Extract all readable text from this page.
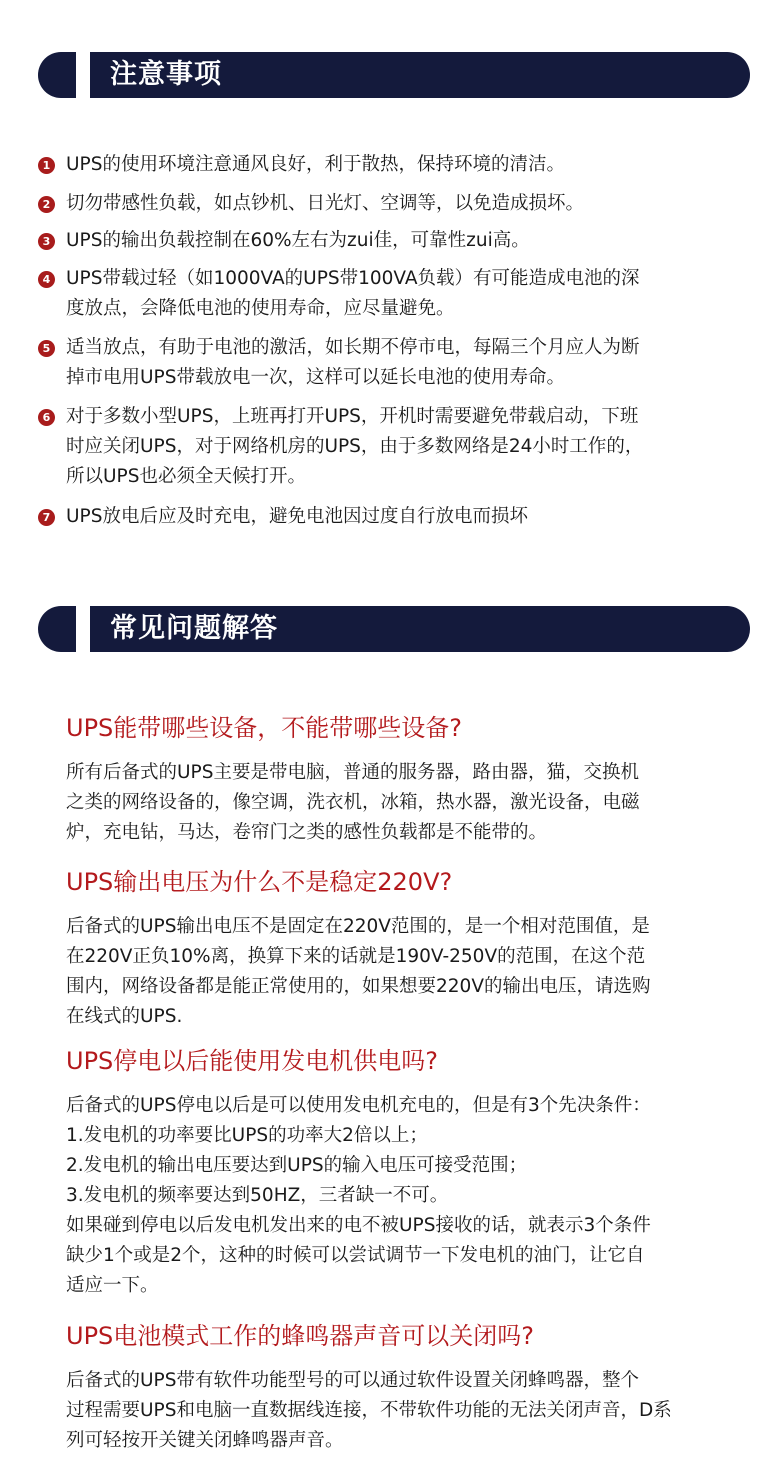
注意事项
1 UPS的使用环境注意通风良好，利于散热，保持环境的清洁。
2 切勿带感性负载，如点钞机、日光灯、空调等，以免造成损坏。
3 UPS的输出负载控制在60%左右为zui佳，可靠性zui高。
4 UPS带载过轻（如1000VA的UPS带100VA负载）有可能造成电池的深
度放点，会降低电池的使用寿命，应尽量避免。
5 适当放点，有助于电池的激活，如长期不停市电，每隔三个月应人为断
掉市电用UPS带载放电一次，这样可以延长电池的使用寿命。
6 对于多数小型UPS，上班再打开UPS，开机时需要避免带载启动，下班
时应关闭UPS，对于网络机房的UPS，由于多数网络是24小时工作的，
所以UPS也必须全天候打开。
7 UPS放电后应及时充电，避免电池因过度自行放电而损坏
常见问题解答
UPS能带哪些设备，不能带哪些设备?

所有后备式的UPS主要是带电脑，普通的服务器，路由器，猫，交换机

之类的网络设备的，像空调，洗衣机，冰箱，热水器，激光设备，电磁

炉，充电钻，马达，卷帘门之类的感性负载都是不能带的。

UPS输出电压为什么不是稳定220V?

后备式的UPS输出电压不是固定在220V范围的，是一个相对范围值，是

在220V正负10%离，换算下来的话就是190V-250V的范围，在这个范

围内，网络设备都是能正常使用的，如果想要220V的输出电压，请选购

在线式的UPS.

UPS停电以后能使用发电机供电吗?

后备式的UPS停电以后是可以使用发电机充电的，但是有3个先决条件：

1.发电机的功率要比UPS的功率大2倍以上；

2.发电机的输出电压要达到UPS的输入电压可接受范围；

3.发电机的频率要达到50HZ，三者缺一不可。

如果碰到停电以后发电机发出来的电不被UPS接收的话，就表示3个条件

缺少1个或是2个，这种的时候可以尝试调节一下发电机的油门，让它自

适应一下。

UPS电池模式工作的蜂鸣器声音可以关闭吗?

后备式的UPS带有软件功能型号的可以通过软件设置关闭蜂鸣器，整个

过程需要UPS和电脑一直数据线连接，不带软件功能的无法关闭声音，D系

列可轻按开关键关闭蜂鸣器声音。
